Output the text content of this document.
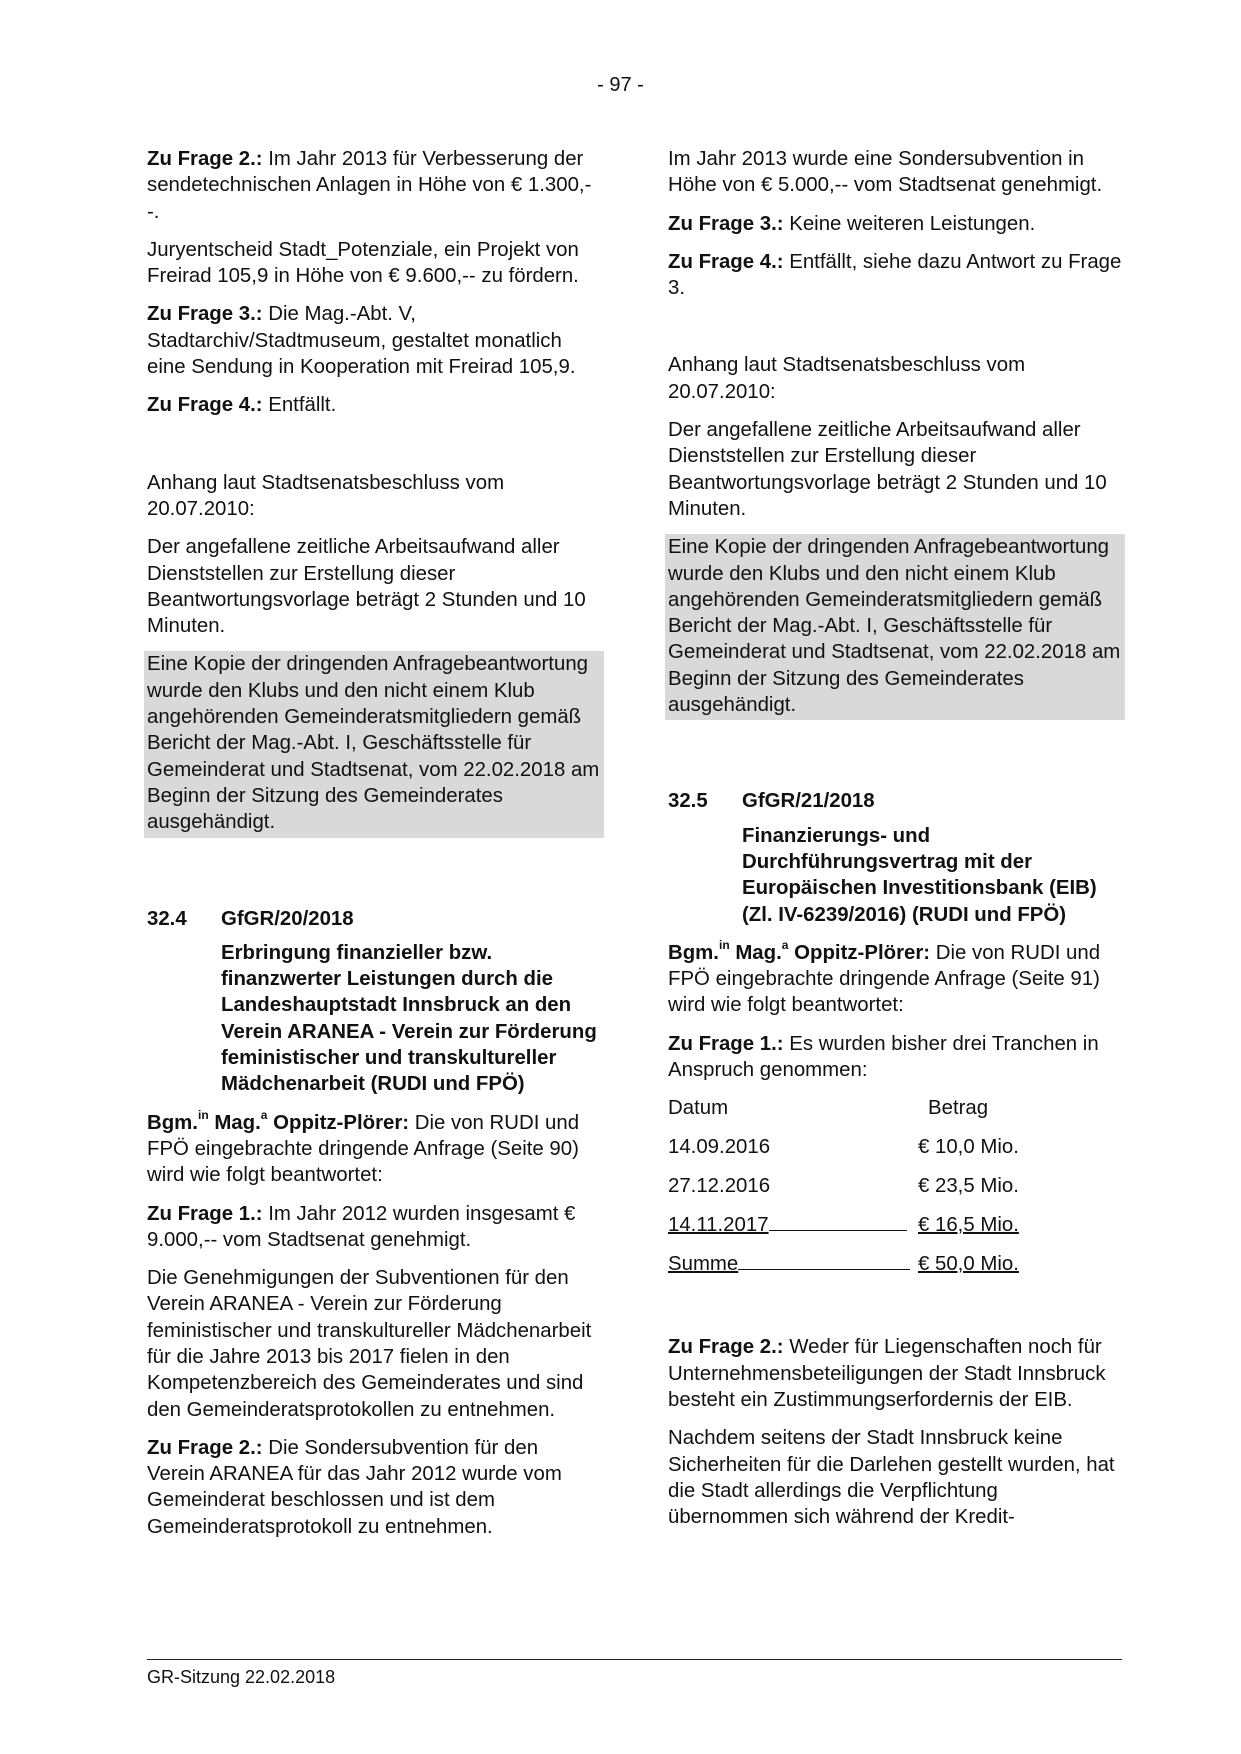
- 97 -

Zu Frage 2.: Im Jahr 2013 für Verbesserung der sendetechnischen Anlagen in Höhe von € 1.300,--.

Juryentscheid Stadt_Potenziale, ein Projekt von Freirad 105,9 in Höhe von € 9.600,-- zu fördern.

Zu Frage 3.: Die Mag.-Abt. V, Stadtarchiv/Stadtmuseum, gestaltet monatlich eine Sendung in Kooperation mit Freirad 105,9.

Zu Frage 4.: Entfällt.

Anhang laut Stadtsenatsbeschluss vom 20.07.2010:

Der angefallene zeitliche Arbeitsaufwand aller Dienststellen zur Erstellung dieser Beantwortungsvorlage beträgt 2 Stunden und 10 Minuten.

Eine Kopie der dringenden Anfragebeantwortung wurde den Klubs und den nicht einem Klub angehörenden Gemeinderatsmitgliedern gemäß Bericht der Mag.-Abt. I, Geschäftsstelle für Gemeinderat und Stadtsenat, vom 22.02.2018 am Beginn der Sitzung des Gemeinderates ausgehändigt.

32.4 GfGR/20/2018

Erbringung finanzieller bzw. finanzwerter Leistungen durch die Landeshauptstadt Innsbruck an den Verein ARANEA - Verein zur Förderung feministischer und transkultureller Mädchenarbeit (RUDI und FPÖ)

Bgm.$^{in}$ Mag.$^a$ Oppitz-Plörer: Die von RUDI und FPÖ eingebrachte dringende Anfrage (Seite 90) wird wie folgt beantwortet:

Zu Frage 1.: Im Jahr 2012 wurden insgesamt € 9.000,-- vom Stadtsenat genehmigt.

Die Genehmigungen der Subventionen für den Verein ARANEA - Verein zur Förderung feministischer und transkultureller Mädchenarbeit für die Jahre 2013 bis 2017 fielen in den Kompetenzbereich des Gemeinderates und sind den Gemeinderatsprotokollen zu entnehmen.

Zu Frage 2.: Die Sondersubvention für den Verein ARANEA für das Jahr 2012 wurde vom Gemeinderat beschlossen und ist dem Gemeinderatsprotokoll zu entnehmen.

Im Jahr 2013 wurde eine Sondersubvention in Höhe von € 5.000,-- vom Stadtsenat genehmigt.

Zu Frage 3.: Keine weiteren Leistungen.

Zu Frage 4.: Entfällt, siehe dazu Antwort zu Frage 3.

Anhang laut Stadtsenatsbeschluss vom 20.07.2010:

Der angefallene zeitliche Arbeitsaufwand aller Dienststellen zur Erstellung dieser Beantwortungsvorlage beträgt 2 Stunden und 10 Minuten.

Eine Kopie der dringenden Anfragebeantwortung wurde den Klubs und den nicht einem Klub angehörenden Gemeinderatsmitgliedern gemäß Bericht der Mag.-Abt. I, Geschäftsstelle für Gemeinderat und Stadtsenat, vom 22.02.2018 am Beginn der Sitzung des Gemeinderates ausgehändigt.

32.5 GfGR/21/2018

Finanzierungs- und Durchführungsvertrag mit der Europäischen Investitionsbank (EIB) (Zl. IV-6239/2016) (RUDI und FPÖ)

Bgm.$^{in}$ Mag.$^a$ Oppitz-Plörer: Die von RUDI und FPÖ eingebrachte dringende Anfrage (Seite 91) wird wie folgt beantwortet:

Zu Frage 1.: Es wurden bisher drei Tranchen in Anspruch genommen:

Datum	Betrag
14.09.2016	€ 10,0 Mio.
27.12.2016	€ 23,5 Mio.
14.11.2017	€ 16,5 Mio.
Summe	€ 50,0 Mio.

Zu Frage 2.: Weder für Liegenschaften noch für Unternehmensbeteiligungen der Stadt Innsbruck besteht ein Zustimmungserfordernis der EIB.

Nachdem seitens der Stadt Innsbruck keine Sicherheiten für die Darlehen gestellt wurden, hat die Stadt allerdings die Verpflichtung übernommen sich während der Kredit-

GR-Sitzung 22.02.2018
